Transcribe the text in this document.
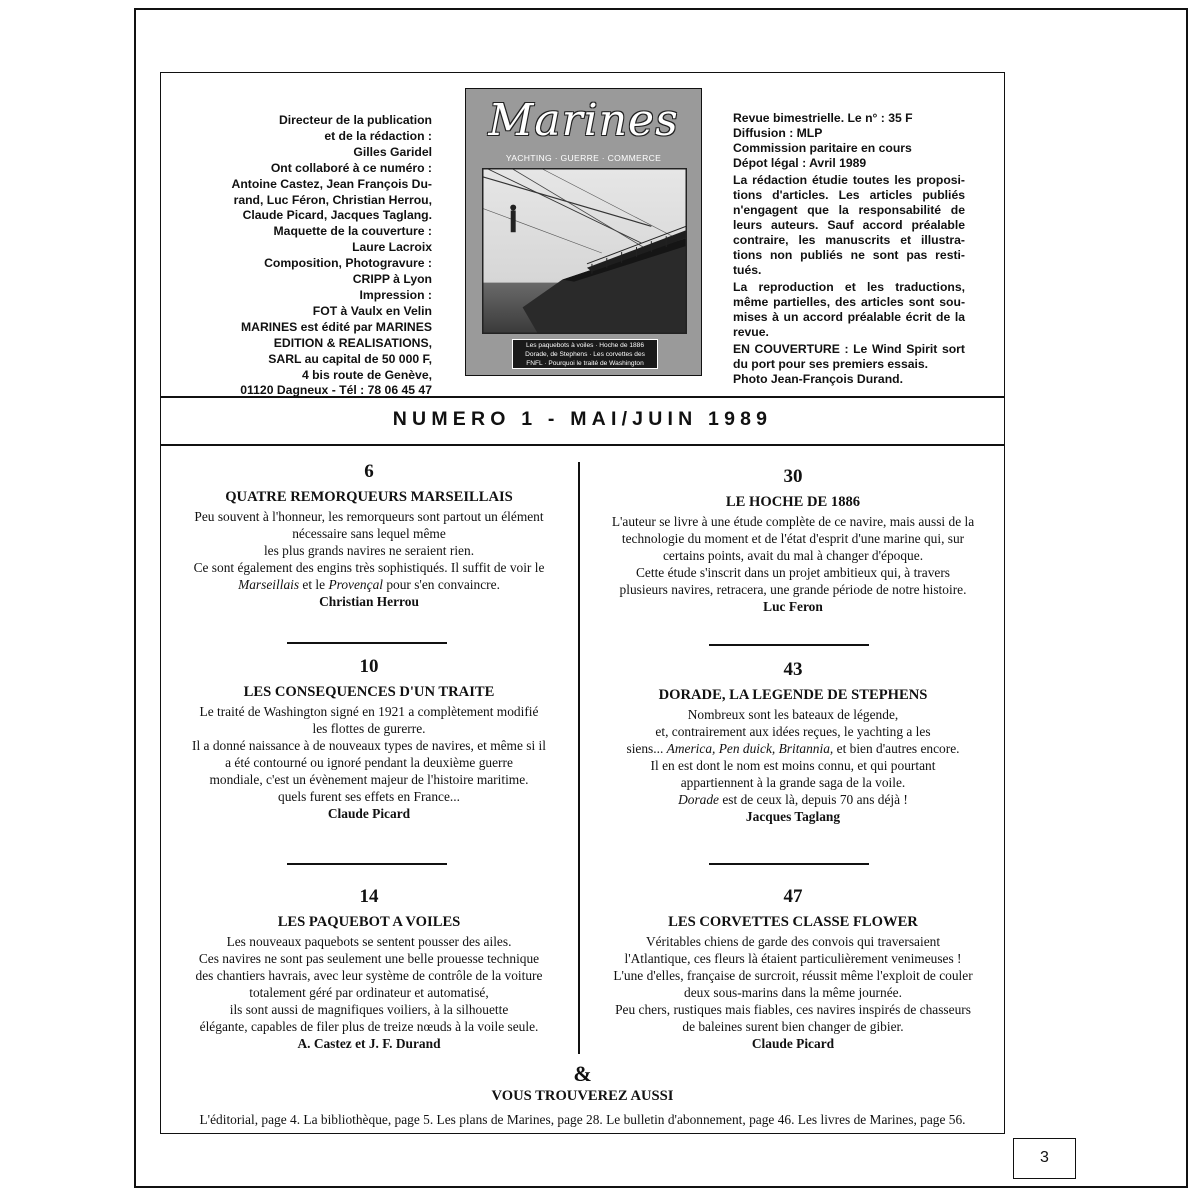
Directeur de la publication
et de la rédaction :
Gilles Garidel
Ont collaboré à ce numéro :
Antoine Castez, Jean François Du-
rand, Luc Féron, Christian Herrou,
Claude Picard, Jacques Taglang.
Maquette de la couverture :
Laure Lacroix
Composition, Photogravure :
CRIPP à Lyon
Impression :
FOT à Vaulx en Velin
MARINES est édité par MARINES
EDITION & REALISATIONS,
SARL au capital de 50 000 F,
4 bis route de Genève,
01120 Dagneux - Tél : 78 06 45 47
Marines
YACHTING · GUERRE · COMMERCE
Les paquebots à voiles · Hoche de 1886
Dorade, de Stephens · Les corvettes des
FNFL · Pourquoi le traité de Washington
Revue bimestrielle. Le n° : 35 F
Diffusion : MLP
Commission paritaire en cours
Dépot légal : Avril 1989
La rédaction étudie toutes les proposi-tions d'articles. Les articles publiés n'engagent que la responsabilité de leurs auteurs. Sauf accord préalable contraire, les manuscrits et illustra-tions non publiés ne sont pas resti-tués.
La reproduction et les traductions, même partielles, des articles sont sou-mises à un accord préalable écrit de la revue.
EN COUVERTURE : Le Wind Spirit sort du port pour ses premiers essais.
Photo Jean-François Durand.
NUMERO 1 - MAI/JUIN 1989
6
QUATRE REMORQUEURS MARSEILLAIS
Peu souvent à l'honneur, les remorqueurs sont partout un élément
nécessaire sans lequel même
les plus grands navires ne seraient rien.
Ce sont également des engins très sophistiqués. Il suffit de voir le
Marseillais et le Provençal pour s'en convaincre.
Christian Herrou
10
LES CONSEQUENCES D'UN TRAITE
Le traité de Washington signé en 1921 a complètement modifié
les flottes de gurerre.
Il a donné naissance à de nouveaux types de navires, et même si il
a été contourné ou ignoré pendant la deuxième guerre
mondiale, c'est un évènement majeur de l'histoire maritime.
quels furent ses effets en France...
Claude Picard
14
LES PAQUEBOT A VOILES
Les nouveaux paquebots se sentent pousser des ailes.
Ces navires ne sont pas seulement une belle prouesse technique
des chantiers havrais, avec leur système de contrôle de la voiture
totalement géré par ordinateur et automatisé,
ils sont aussi de magnifiques voiliers, à la silhouette
élégante, capables de filer plus de treize nœuds à la voile seule.
A. Castez et J. F. Durand
30
LE HOCHE DE 1886
L'auteur se livre à une étude complète de ce navire, mais aussi de la
technologie du moment et de l'état d'esprit d'une marine qui, sur
certains points, avait du mal à changer d'époque.
Cette étude s'inscrit dans un projet ambitieux qui, à travers
plusieurs navires, retracera, une grande période de notre histoire.
Luc Feron
43
DORADE, LA LEGENDE DE STEPHENS
Nombreux sont les bateaux de légende,
et, contrairement aux idées reçues, le yachting a les
siens... America, Pen duick, Britannia, et bien d'autres encore.
Il en est dont le nom est moins connu, et qui pourtant
appartiennent à la grande saga de la voile.
Dorade est de ceux là, depuis 70 ans déjà !
Jacques Taglang
47
LES CORVETTES CLASSE FLOWER
Véritables chiens de garde des convois qui traversaient
l'Atlantique, ces fleurs là étaient particulièrement venimeuses !
L'une d'elles, française de surcroit, réussit même l'exploit de couler
deux sous-marins dans la même journée.
Peu chers, rustiques mais fiables, ces navires inspirés de chasseurs
de baleines surent bien changer de gibier.
Claude Picard
&
VOUS TROUVEREZ AUSSI
L'éditorial, page 4. La bibliothèque, page 5. Les plans de Marines, page 28. Le bulletin d'abonnement, page 46. Les livres de Marines, page 56.
3
